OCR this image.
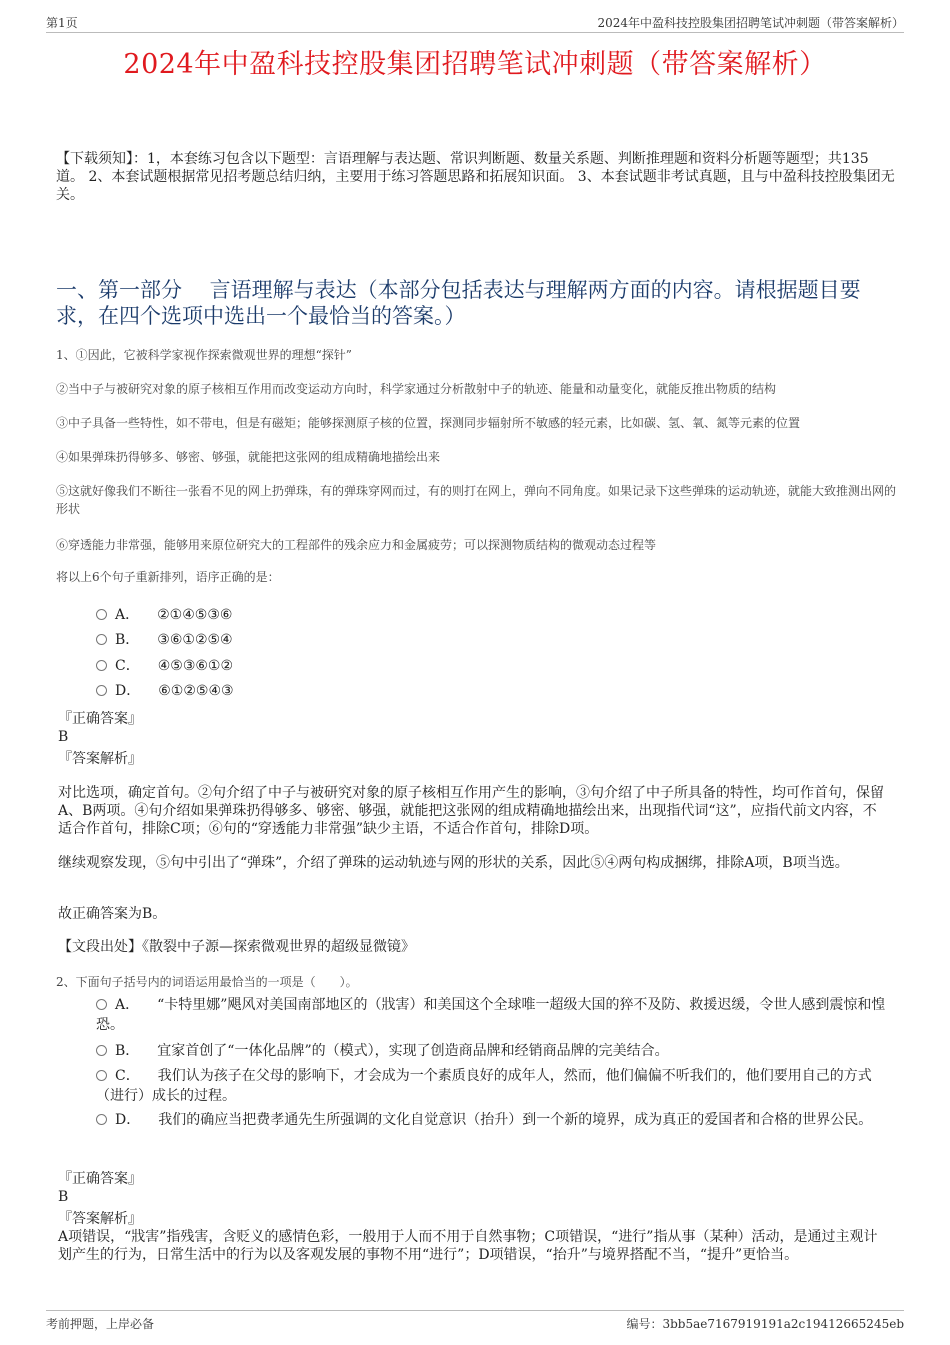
第1页	2024年中盈科技控股集团招聘笔试冲刺题（带答案解析）
2024年中盈科技控股集团招聘笔试冲刺题（带答案解析）
【下载须知】：1，本套练习包含以下题型：言语理解与表达题、常识判断题、数量关系题、判断推理题和资料分析题等题型；共135道。 2、本套试题根据常见招考题总结归纳，主要用于练习答题思路和拓展知识面。 3、本套试题非考试真题，且与中盈科技控股集团无关。
一、第一部分　 言语理解与表达（本部分包括表达与理解两方面的内容。请根据题目要求，在四个选项中选出一个最恰当的答案。）
1、①因此，它被科学家视作探索微观世界的理想“探针”
②当中子与被研究对象的原子核相互作用而改变运动方向时，科学家通过分析散射中子的轨迹、能量和动量变化，就能反推出物质的结构
③中子具备一些特性，如不带电，但是有磁矩；能够探测原子核的位置，探测同步辐射所不敏感的轻元素，比如碳、氢、氧、氮等元素的位置
④如果弹珠扔得够多、够密、够强，就能把这张网的组成精确地描绘出来
⑤这就好像我们不断往一张看不见的网上扔弹珠，有的弹珠穿网而过，有的则打在网上，弹向不同角度。如果记录下这些弹珠的运动轨迹，就能大致推测出网的形状
⑥穿透能力非常强，能够用来原位研究大的工程部件的残余应力和金属疲劳；可以探测物质结构的微观动态过程等
将以上6个句子重新排列，语序正确的是：
A． ②①④⑤③⑥
B． ③⑥①②⑤④
C． ④⑤③⑥①②
D． ⑥①②⑤④③
『正确答案』
B
『答案解析』
对比选项，确定首句。②句介绍了中子与被研究对象的原子核相互作用产生的影响，③句介绍了中子所具备的特性，均可作首句，保留A、B两项。④句介绍如果弹珠扔得够多、够密、够强，就能把这张网的组成精确地描绘出来，出现指代词“这”，应指代前文内容，不适合作首句，排除C项；⑥句的“穿透能力非常强”缺少主语，不适合作首句，排除D项。
继续观察发现，⑤句中引出了“弹珠”，介绍了弹珠的运动轨迹与网的形状的关系，因此⑤④两句构成捆绑，排除A项，B项当选。
故正确答案为B。
【文段出处】《散裂中子源—探索微观世界的超级显微镜》
2、下面句子括号内的词语运用最恰当的一项是（　　）。
A． “卡特里娜”飓风对美国南部地区的（戕害）和美国这个全球唯一超级大国的猝不及防、救援迟缓，令世人感到震惊和惶恐。
B． 宜家首创了“一体化品牌”的（模式），实现了创造商品牌和经销商品牌的完美结合。
C． 我们认为孩子在父母的影响下，才会成为一个素质良好的成年人，然而，他们偏偏不听我们的，他们要用自己的方式（进行）成长的过程。
D． 我们的确应当把费孝通先生所强调的文化自觉意识（抬升）到一个新的境界，成为真正的爱国者和合格的世界公民。
『正确答案』
B
『答案解析』
A项错误，“戕害”指残害，含贬义的感情色彩，一般用于人而不用于自然事物；C项错误，“进行”指从事（某种）活动，是通过主观计划产生的行为，日常生活中的行为以及客观发展的事物不用“进行”；D项错误，“抬升”与境界搭配不当，“提升”更恰当。
考前押题，上岸必备	编号：3bb5ae7167919191a2c19412665245eb
